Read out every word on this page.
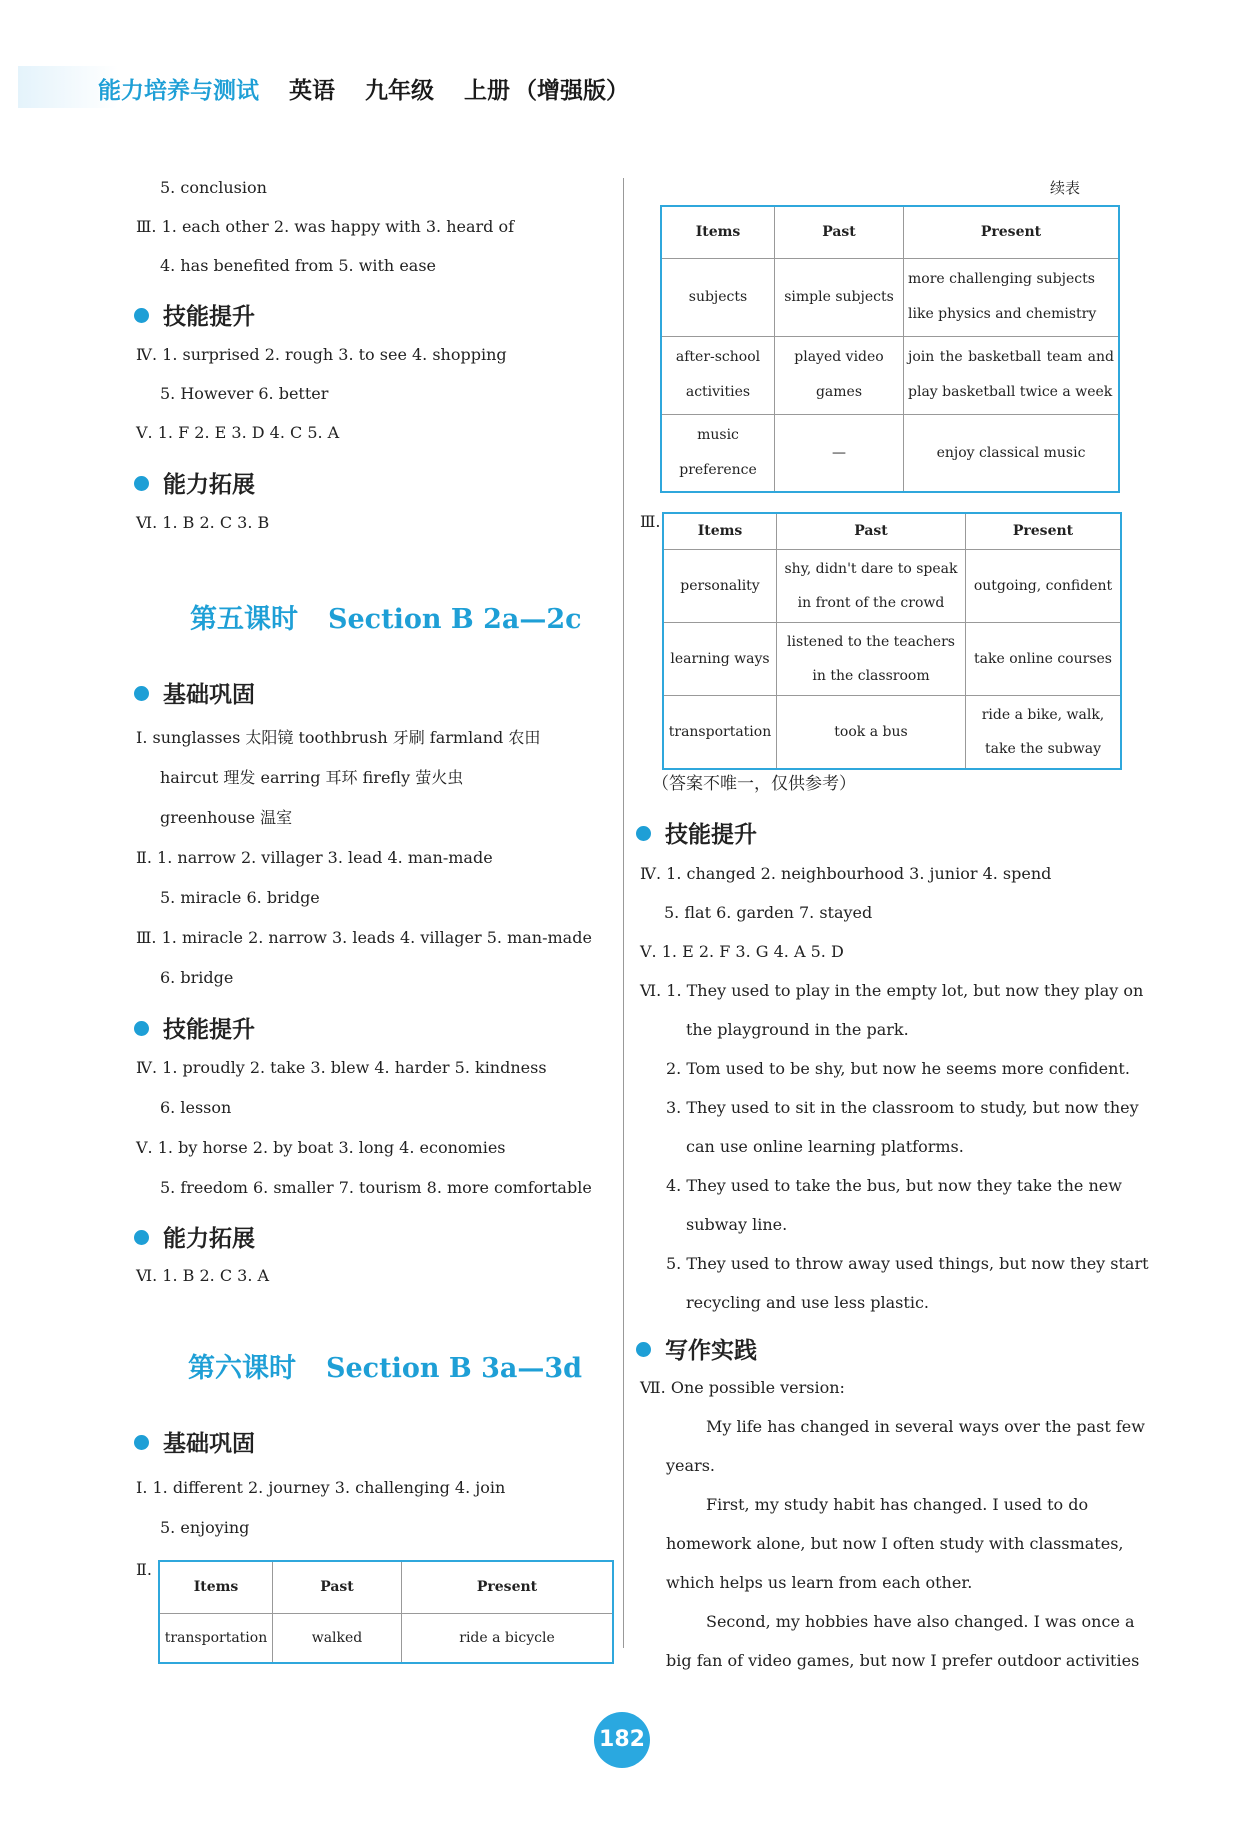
能力培养与测试 英语 九年级 上册 （增强版）
5. conclusion
Ⅲ. 1. each other 2. was happy with 3. heard of
4. has benefited from 5. with ease
技能提升
Ⅳ. 1. surprised 2. rough 3. to see 4. shopping
5. However 6. better
Ⅴ. 1. F 2. E 3. D 4. C 5. A
能力拓展
Ⅵ. 1. B 2. C 3. B
第五课时 Section B 2a—2c
基础巩固
Ⅰ. sunglasses 太阳镜 toothbrush 牙刷 farmland 农田
haircut 理发 earring 耳环 firefly 萤火虫
greenhouse 温室
Ⅱ. 1. narrow 2. villager 3. lead 4. man-made
5. miracle 6. bridge
Ⅲ. 1. miracle 2. narrow 3. leads 4. villager 5. man-made
6. bridge
技能提升
Ⅳ. 1. proudly 2. take 3. blew 4. harder 5. kindness
6. lesson
Ⅴ. 1. by horse 2. by boat 3. long 4. economies
5. freedom 6. smaller 7. tourism 8. more comfortable
能力拓展
Ⅵ. 1. B 2. C 3. A
第六课时 Section B 3a—3d
基础巩固
Ⅰ. 1. different 2. journey 3. challenging 4. join
5. enjoying
Ⅱ.
Items	Past	Present
transportation	walked	ride a bicycle
续表
Items	Past	Present
subjects	simple subjects	more challenging subjects like physics and chemistry
after-school activities	played video games	join the basketball team and play basketball twice a week
music preference	—	enjoy classical music
Ⅲ.
Items	Past	Present
personality	shy, didn't dare to speak in front of the crowd	outgoing, confident
learning ways	listened to the teachers in the classroom	take online courses
transportation	took a bus	ride a bike, walk, take the subway
（答案不唯一，仅供参考）
技能提升
Ⅳ. 1. changed 2. neighbourhood 3. junior 4. spend
5. flat 6. garden 7. stayed
Ⅴ. 1. E 2. F 3. G 4. A 5. D
Ⅵ. 1. They used to play in the empty lot, but now they play on
the playground in the park.
2. Tom used to be shy, but now he seems more confident.
3. They used to sit in the classroom to study, but now they
can use online learning platforms.
4. They used to take the bus, but now they take the new
subway line.
5. They used to throw away used things, but now they start
recycling and use less plastic.
写作实践
Ⅶ. One possible version:
My life has changed in several ways over the past few
years.
First, my study habit has changed. I used to do
homework alone, but now I often study with classmates,
which helps us learn from each other.
Second, my hobbies have also changed. I was once a
big fan of video games, but now I prefer outdoor activities
182
